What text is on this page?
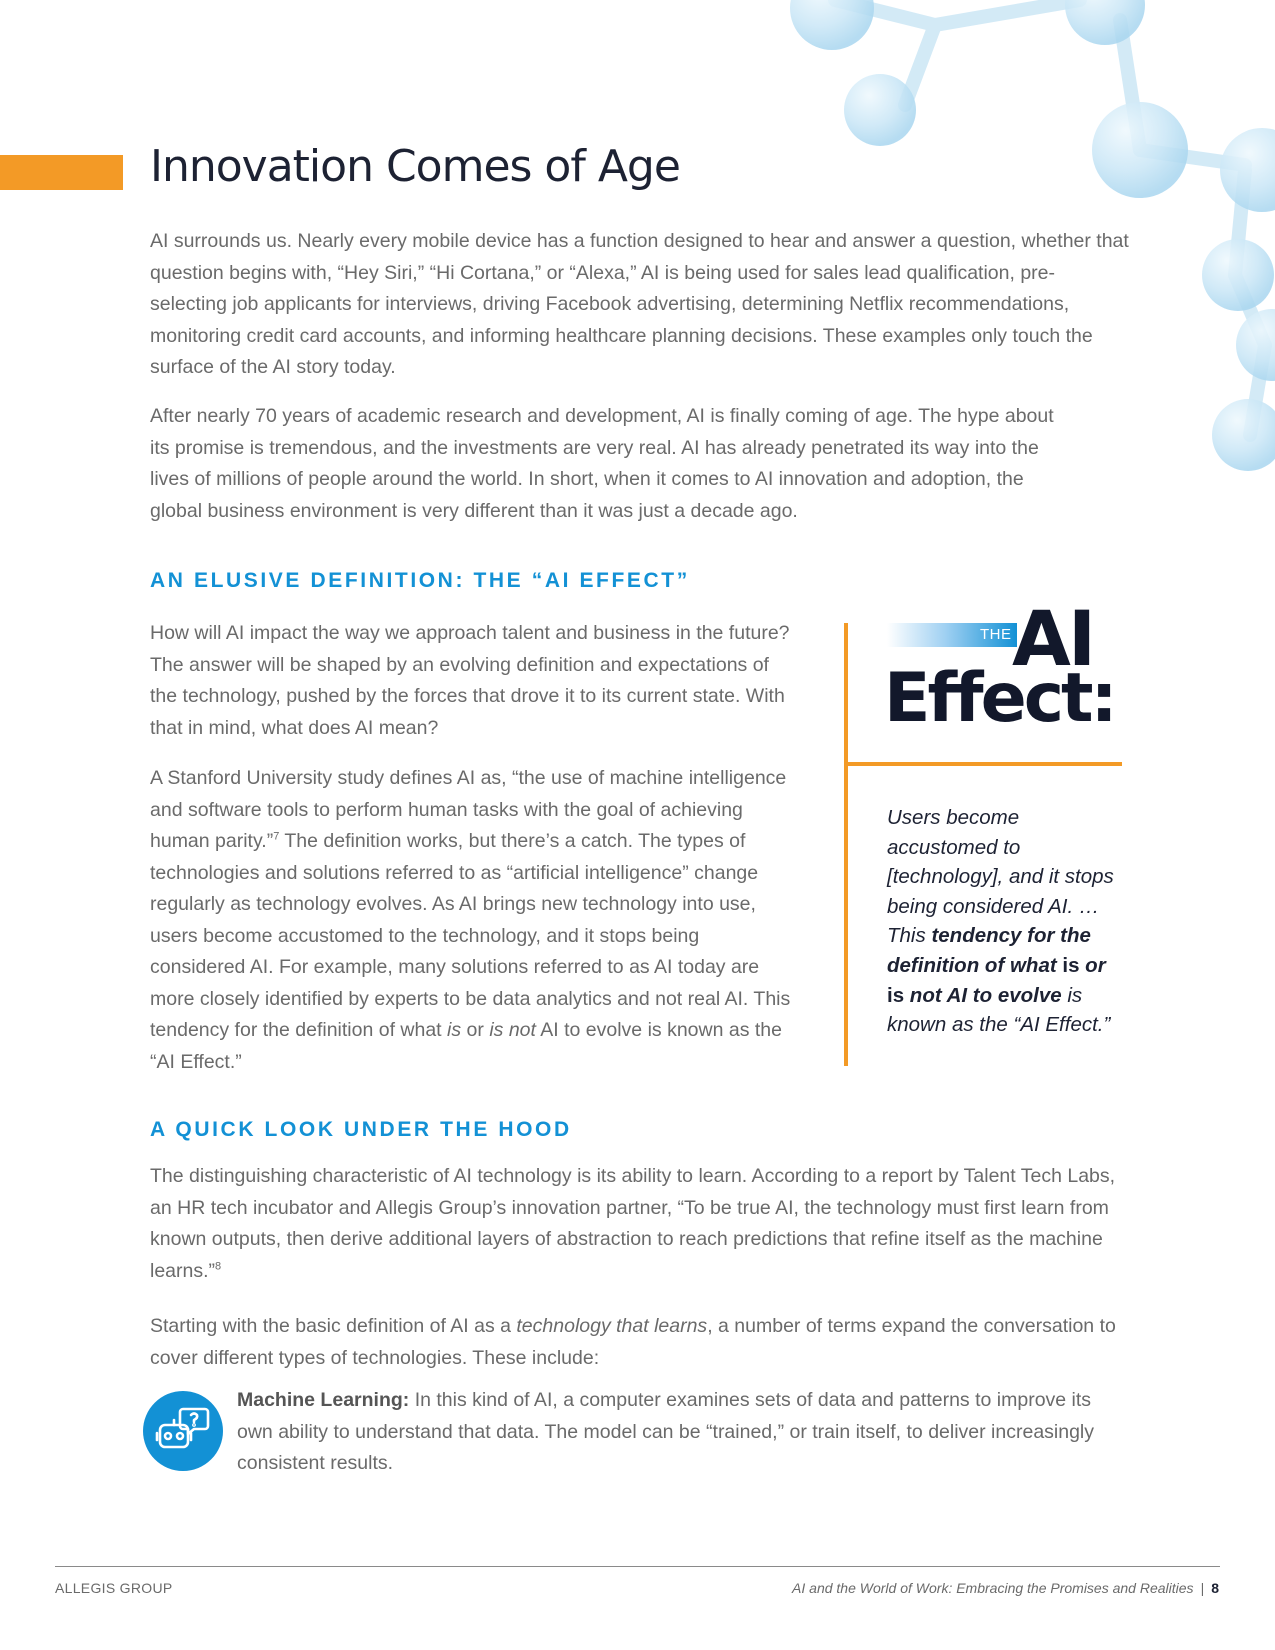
Innovation Comes of Age

AI surrounds us. Nearly every mobile device has a function designed to hear and answer a question, whether that question begins with, “Hey Siri,” “Hi Cortana,” or “Alexa,” AI is being used for sales lead qualification, pre-selecting job applicants for interviews, driving Facebook advertising, determining Netflix recommendations, monitoring credit card accounts, and informing healthcare planning decisions. These examples only touch the surface of the AI story today.

After nearly 70 years of academic research and development, AI is finally coming of age. The hype about its promise is tremendous, and the investments are very real. AI has already penetrated its way into the lives of millions of people around the world. In short, when it comes to AI innovation and adoption, the global business environment is very different than it was just a decade ago.

AN ELUSIVE DEFINITION: THE “AI EFFECT”

How will AI impact the way we approach talent and business in the future? The answer will be shaped by an evolving definition and expectations of the technology, pushed by the forces that drove it to its current state. With that in mind, what does AI mean?

A Stanford University study defines AI as, “the use of machine intelligence and software tools to perform human tasks with the goal of achieving human parity.”$^7$ The definition works, but there’s a catch. The types of technologies and solutions referred to as “artificial intelligence” change regularly as technology evolves. As AI brings new technology into use, users become accustomed to the technology, and it stops being considered AI. For example, many solutions referred to as AI today are more closely identified by experts to be data analytics and not real AI. This tendency for the definition of what is or is not AI to evolve is known as the “AI Effect.”

THE AI
Effect:

Users become accustomed to [technology], and it stops being considered AI. …This tendency for the definition of what is or is not AI to evolve is known as the “AI Effect.”

A QUICK LOOK UNDER THE HOOD

The distinguishing characteristic of AI technology is its ability to learn. According to a report by Talent Tech Labs, an HR tech incubator and Allegis Group’s innovation partner, “To be true AI, the technology must first learn from known outputs, then derive additional layers of abstraction to reach predictions that refine itself as the machine learns.”$^8$

Starting with the basic definition of AI as a technology that learns, a number of terms expand the conversation to cover different types of technologies. These include:

Machine Learning: In this kind of AI, a computer examines sets of data and patterns to improve its own ability to understand that data. The model can be “trained,” or train itself, to deliver increasingly consistent results.

ALLEGIS GROUP	AI and the World of Work: Embracing the Promises and Realities | 8
